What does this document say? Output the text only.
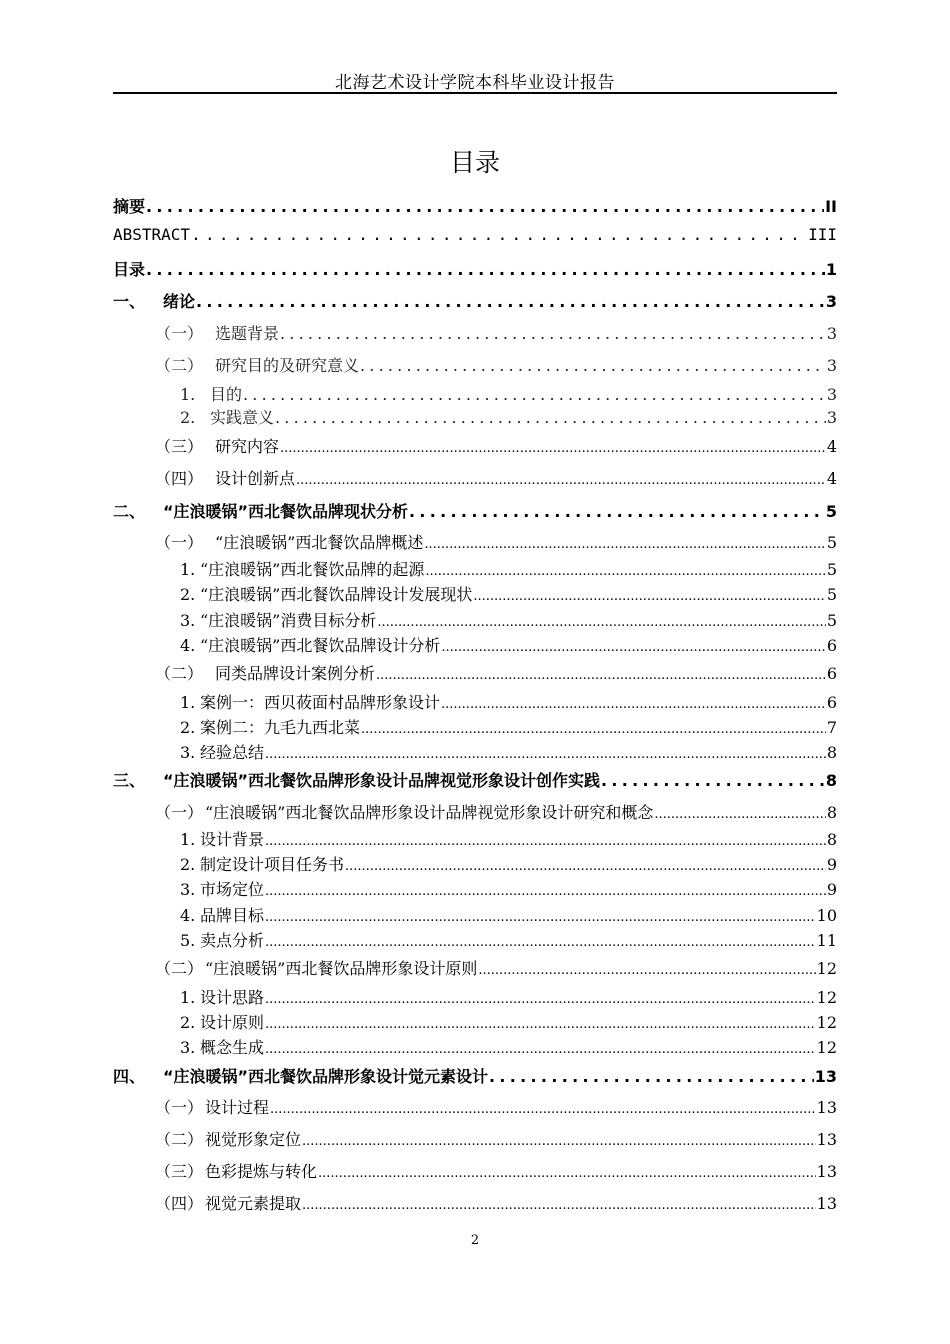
北海艺术设计学院本科毕业设计报告
目录
摘要 .....	II
ABSTRACT .....	III
目录 .....	1
一、	绪论 .....	3
（一） 选题背景 .....	3
（二） 研究目的及研究意义 .....	3
1. 目的 .....	3
2. 实践意义 .....	3
（三） 研究内容 .....	4
（四） 设计创新点 .....	4
二、	“庄浪暖锅”西北餐饮品牌现状分析 .....	5
（一） “庄浪暖锅”西北餐饮品牌概述 .....	5
1. “庄浪暖锅”西北餐饮品牌的起源 .....	5
2. “庄浪暖锅”西北餐饮品牌设计发展现状 .....	5
3. “庄浪暖锅”消费目标分析 .....	5
4. “庄浪暖锅”西北餐饮品牌设计分析 .....	6
（二） 同类品牌设计案例分析 .....	6
1. 案例一：西贝莜面村品牌形象设计 .....	6
2. 案例二：九毛九西北菜 .....	7
3. 经验总结 .....	8
三、	“庄浪暖锅”西北餐饮品牌形象设计品牌视觉形象设计创作实践 .....	8
（一） “庄浪暖锅”西北餐饮品牌形象设计品牌视觉形象设计研究和概念 .....	8
1. 设计背景 .....	8
2. 制定设计项目任务书 .....	9
3. 市场定位 .....	9
4. 品牌目标 .....	10
5. 卖点分析 .....	11
（二） “庄浪暖锅”西北餐饮品牌形象设计原则 .....	12
1. 设计思路 .....	12
2. 设计原则 .....	12
3. 概念生成 .....	12
四、	“庄浪暖锅”西北餐饮品牌形象设计觉元素设计 .....	13
（一） 设计过程 .....	13
（二） 视觉形象定位 .....	13
（三） 色彩提炼与转化 .....	13
（四） 视觉元素提取 .....	13
2
